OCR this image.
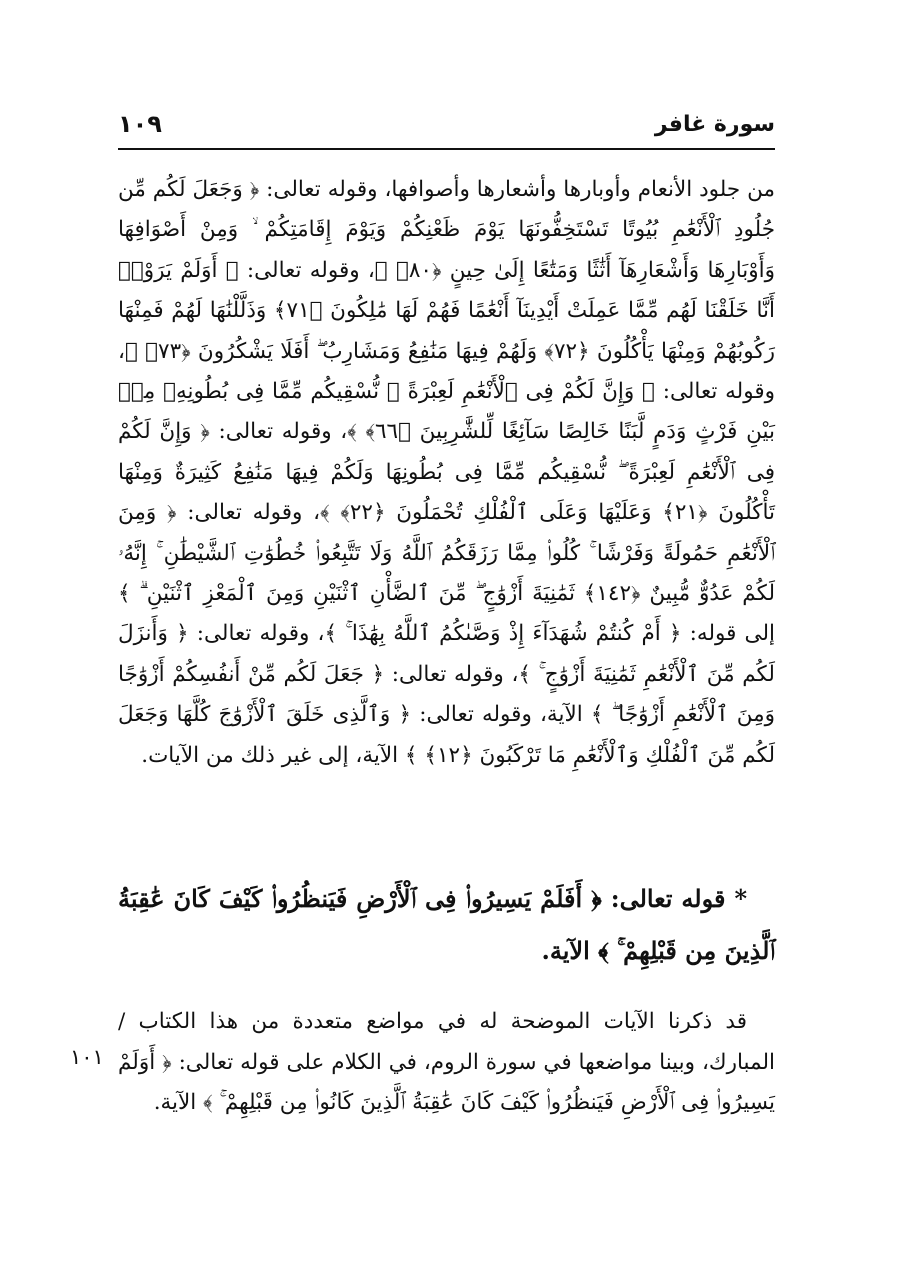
سورة غافر
١٠٩

من جلود الأنعام وأوبارها وأشعارها وأصوافها، وقوله تعالى: ﴿ وَجَعَلَ لَكُم مِّن جُلُودِ ٱلْأَنْعَٰمِ بُيُوتًا تَسْتَخِفُّونَهَا يَوْمَ ظَعْنِكُمْ وَيَوْمَ إِقَامَتِكُمْ ۙ وَمِنْ أَصْوَافِهَا وَأَوْبَارِهَا وَأَشْعَارِهَآ أَثَٰثًا وَمَتَٰعًا إِلَىٰ حِينٍ ﴿٨٠﴾ ﴾، وقوله تعالى: ﴿ أَوَلَمْ يَرَوْا۟ أَنَّا خَلَقْنَا لَهُم مِّمَّا عَمِلَتْ أَيْدِينَآ أَنْعَٰمًا فَهُمْ لَهَا مَٰلِكُونَ ﴿٧١﴾ وَذَلَّلْنَٰهَا لَهُمْ فَمِنْهَا رَكُوبُهُمْ وَمِنْهَا يَأْكُلُونَ ﴿٧٢﴾ وَلَهُمْ فِيهَا مَنَٰفِعُ وَمَشَارِبُ ۖ أَفَلَا يَشْكُرُونَ ﴿٧٣﴾ ﴾، وقوله تعالى: ﴿ وَإِنَّ لَكُمْ فِى ٱلْأَنْعَٰمِ لَعِبْرَةً ۖ نُّسْقِيكُم مِّمَّا فِى بُطُونِهِۦ مِنۢ بَيْنِ فَرْثٍ وَدَمٍ لَّبَنًا خَالِصًا سَآئِغًا لِّلشَّٰرِبِينَ ﴿٦٦﴾ ﴾، وقوله تعالى: ﴿ وَإِنَّ لَكُمْ فِى ٱلْأَنْعَٰمِ لَعِبْرَةً ۖ نُّسْقِيكُم مِّمَّا فِى بُطُونِهَا وَلَكُمْ فِيهَا مَنَٰفِعُ كَثِيرَةٌ وَمِنْهَا تَأْكُلُونَ ﴿٢١﴾ وَعَلَيْهَا وَعَلَى ٱلْفُلْكِ تُحْمَلُونَ ﴿٢٢﴾ ﴾، وقوله تعالى: ﴿ وَمِنَ ٱلْأَنْعَٰمِ حَمُولَةً وَفَرْشًا ۚ كُلُوا۟ مِمَّا رَزَقَكُمُ ٱللَّهُ وَلَا تَتَّبِعُوا۟ خُطُوَٰتِ ٱلشَّيْطَٰنِ ۚ إِنَّهُۥ لَكُمْ عَدُوٌّ مُّبِينٌ ﴿١٤٢﴾ ثَمَٰنِيَةَ أَزْوَٰجٍ ۖ مِّنَ ٱلضَّأْنِ ٱثْنَيْنِ وَمِنَ ٱلْمَعْزِ ٱثْنَيْنِ ۗ ﴾ إلى قوله: ﴿ أَمْ كُنتُمْ شُهَدَآءَ إِذْ وَصَّىٰكُمُ ٱللَّهُ بِهَٰذَا ۚ ﴾، وقوله تعالى: ﴿ وَأَنزَلَ لَكُم مِّنَ ٱلْأَنْعَٰمِ ثَمَٰنِيَةَ أَزْوَٰجٍ ۚ ﴾، وقوله تعالى: ﴿ جَعَلَ لَكُم مِّنْ أَنفُسِكُمْ أَزْوَٰجًا وَمِنَ ٱلْأَنْعَٰمِ أَزْوَٰجًا ۖ ﴾ الآية، وقوله تعالى: ﴿ وَٱلَّذِى خَلَقَ ٱلْأَزْوَٰجَ كُلَّهَا وَجَعَلَ لَكُم مِّنَ ٱلْفُلْكِ وَٱلْأَنْعَٰمِ مَا تَرْكَبُونَ ﴿١٢﴾ ﴾ الآية، إلى غير ذلك من الآيات.

* قوله تعالى: ﴿ أَفَلَمْ يَسِيرُوا۟ فِى ٱلْأَرْضِ فَيَنظُرُوا۟ كَيْفَ كَانَ عَٰقِبَةُ ٱلَّذِينَ مِن قَبْلِهِمْ ۚ ﴾ الآية.

قد ذكرنا الآيات الموضحة له في مواضع متعددة من هذا الكتاب / المبارك، وبينا مواضعها في سورة الروم، في الكلام على قوله تعالى: ﴿ أَوَلَمْ يَسِيرُوا۟ فِى ٱلْأَرْضِ فَيَنظُرُوا۟ كَيْفَ كَانَ عَٰقِبَةُ ٱلَّذِينَ كَانُوا۟ مِن قَبْلِهِمْ ۚ ﴾ الآية.

١٠١
